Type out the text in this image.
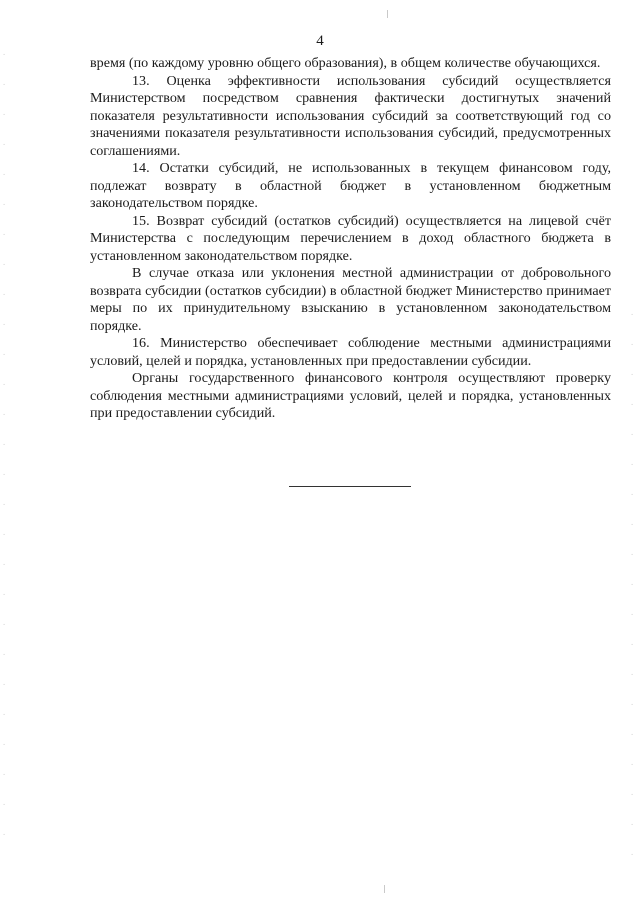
·
·
·
·
·
·
·
·
·
·
·
·
·
·
·
·
·
·
·
·
·
·
·
·
·
·
·
·
·
·
·
·
·
·
·
·
·
·
·
·
·
·
·
·
·
·
4

время (по каждому уровню общего образования), в общем количестве обучающихся.

13. Оценка эффективности использования субсидий осуществляется Министерством посредством сравнения фактически достигнутых значений показателя результативности использования субсидий за соответствующий год со значениями показателя результативности использования субсидий, предусмотренных соглашениями.

14. Остатки субсидий, не использованных в текущем финансовом году, подлежат возврату в областной бюджет в установленном бюджетным законодательством порядке.

15. Возврат субсидий (остатков субсидий) осуществляется на лицевой счёт Министерства с последующим перечислением в доход областного бюджета в установленном законодательством порядке.

В случае отказа или уклонения местной администрации от добровольного возврата субсидии (остатков субсидии) в областной бюджет Министерство принимает меры по их принудительному взысканию в установленном законодательством порядке.

16. Министерство обеспечивает соблюдение местными администрациями условий, целей и порядка, установленных при предоставлении субсидии.

Органы государственного финансового контроля осуществляют проверку соблюдения местными администрациями условий, целей и порядка, установленных при предоставлении субсидий.
